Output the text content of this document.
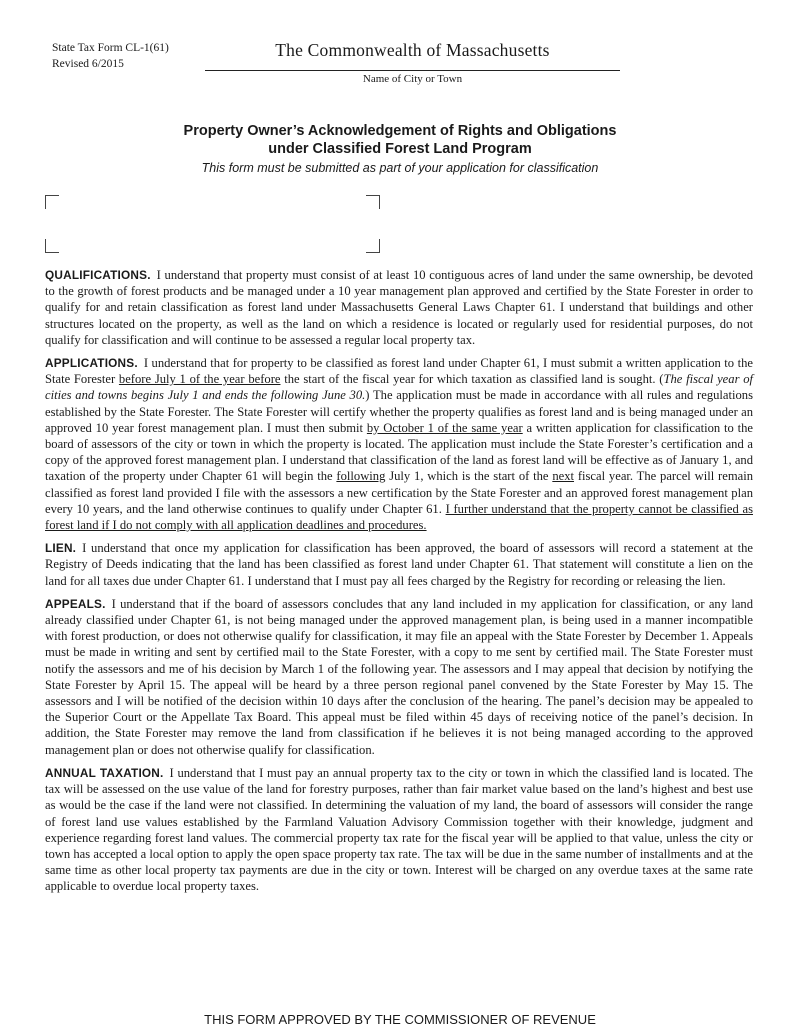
State Tax Form CL-1(61)
Revised 6/2015
The Commonwealth of Massachusetts
Name of City or Town
Property Owner’s Acknowledgement of Rights and Obligations
under Classified Forest Land Program
This form must be submitted as part of your application for classification

QUALIFICATIONS. I understand that property must consist of at least 10 contiguous acres of land under the same ownership, be devoted to the growth of forest products and be managed under a 10 year management plan approved and certified by the State Forester in order to qualify for and retain classification as forest land under Massachusetts General Laws Chapter 61. I understand that buildings and other structures located on the property, as well as the land on which a residence is located or regularly used for residential purposes, do not qualify for classification and will continue to be assessed a regular local property tax.

APPLICATIONS. I understand that for property to be classified as forest land under Chapter 61, I must submit a written application to the State Forester before July 1 of the year before the start of the fiscal year for which taxation as classified land is sought. (The fiscal year of cities and towns begins July 1 and ends the following June 30.) The application must be made in accordance with all rules and regulations established by the State Forester. The State Forester will certify whether the property qualifies as forest land and is being managed under an approved 10 year forest management plan. I must then submit by October 1 of the same year a written application for classification to the board of assessors of the city or town in which the property is located. The application must include the State Forester’s certification and a copy of the approved forest management plan. I understand that classification of the land as forest land will be effective as of January 1, and taxation of the property under Chapter 61 will begin the following July 1, which is the start of the next fiscal year. The parcel will remain classified as forest land provided I file with the assessors a new certification by the State Forester and an approved forest management plan every 10 years, and the land otherwise continues to qualify under Chapter 61. I further understand that the property cannot be classified as forest land if I do not comply with all application deadlines and procedures.

LIEN. I understand that once my application for classification has been approved, the board of assessors will record a statement at the Registry of Deeds indicating that the land has been classified as forest land under Chapter 61. That statement will constitute a lien on the land for all taxes due under Chapter 61. I understand that I must pay all fees charged by the Registry for recording or releasing the lien.

APPEALS. I understand that if the board of assessors concludes that any land included in my application for classification, or any land already classified under Chapter 61, is not being managed under the approved management plan, is being used in a manner incompatible with forest production, or does not otherwise qualify for classification, it may file an appeal with the State Forester by December 1. Appeals must be made in writing and sent by certified mail to the State Forester, with a copy to me sent by certified mail. The State Forester must notify the assessors and me of his decision by March 1 of the following year. The assessors and I may appeal that decision by notifying the State Forester by April 15. The appeal will be heard by a three person regional panel convened by the State Forester by May 15. The assessors and I will be notified of the decision within 10 days after the conclusion of the hearing. The panel’s decision may be appealed to the Superior Court or the Appellate Tax Board. This appeal must be filed within 45 days of receiving notice of the panel’s decision. In addition, the State Forester may remove the land from classification if he believes it is not being managed according to the approved management plan or does not otherwise qualify for classification.

ANNUAL TAXATION. I understand that I must pay an annual property tax to the city or town in which the classified land is located. The tax will be assessed on the use value of the land for forestry purposes, rather than fair market value based on the land’s highest and best use as would be the case if the land were not classified. In determining the valuation of my land, the board of assessors will consider the range of forest land use values established by the Farmland Valuation Advisory Commission together with their knowledge, judgment and experience regarding forest land values. The commercial property tax rate for the fiscal year will be applied to that value, unless the city or town has accepted a local option to apply the open space property tax rate. The tax will be due in the same number of installments and at the same time as other local property tax payments are due in the city or town. Interest will be charged on any overdue taxes at the same rate applicable to overdue local property taxes.

THIS FORM APPROVED BY THE COMMISSIONER OF REVENUE
